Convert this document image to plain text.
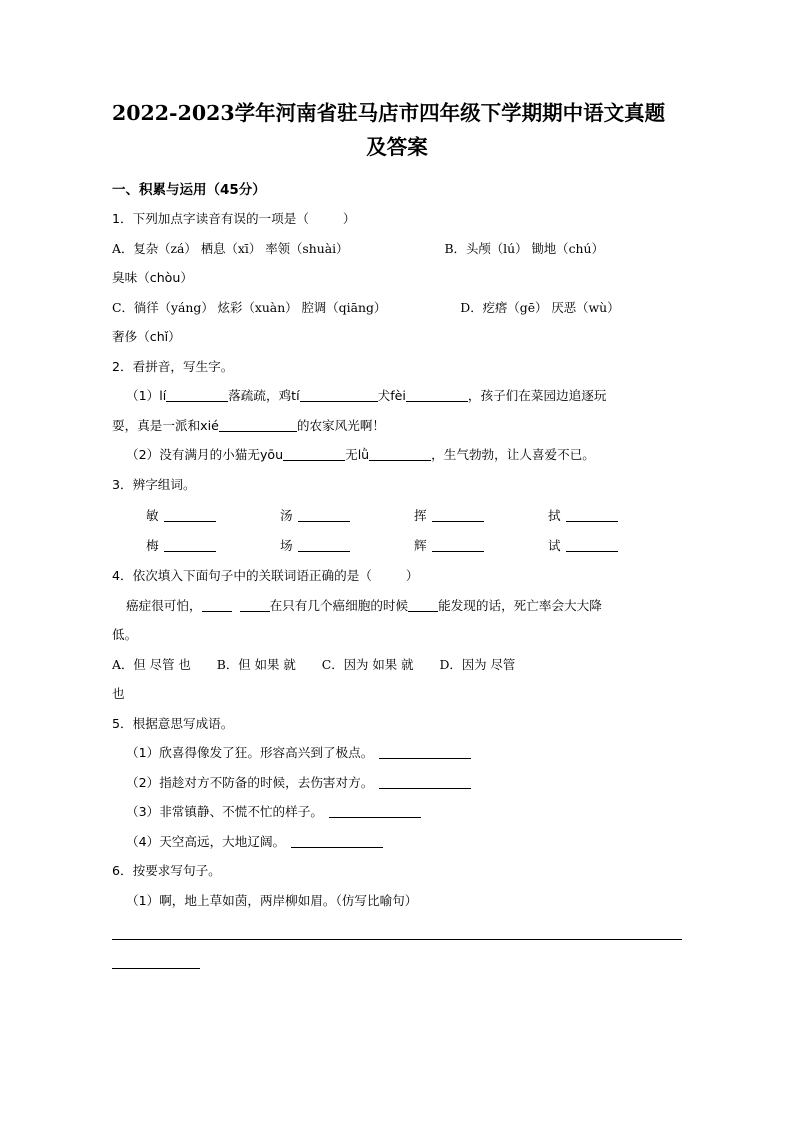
2022-2023学年河南省驻马店市四年级下学期期中语文真题
及答案
一、积累与运用（45分）
1．下列加点字读音有误的一项是（	）
A．复杂（zá） 栖息（xī） 率领（shuài）	B．头颅（lú） 锄地（chú）
臭味（chòu）
C．徜徉（yáng） 炫彩（xuàn） 腔调（qiāng）	D．疙瘩（gē） 厌恶（wù）
奢侈（chǐ）
2．看拼音，写生字。
（1）lí	落疏疏，鸡tí	犬fèi	，孩子们在菜园边追逐玩
耍，真是一派和xié	的农家风光啊！
（2）没有满月的小猫无yōu	无lǜ	，生气勃勃，让人喜爱不已。
3．辨字组词。
敏	汤	挥	拭
梅	场	辉	试
4．依次填入下面句子中的关联词语正确的是（	）
癌症很可怕，	在只有几个癌细胞的时候 能发现的话，死亡率会大大降
低。
A．但 尽管 也 B．但 如果 就 C．因为 如果 就 D．因为 尽管
也
5．根据意思写成语。
（1）欣喜得像发了狂。形容高兴到了极点。
（2）指趁对方不防备的时候，去伤害对方。
（3）非常镇静、不慌不忙的样子。
（4）天空高远，大地辽阔。
6．按要求写句子。
（1）啊，地上草如茵，两岸柳如眉。（仿写比喻句）
